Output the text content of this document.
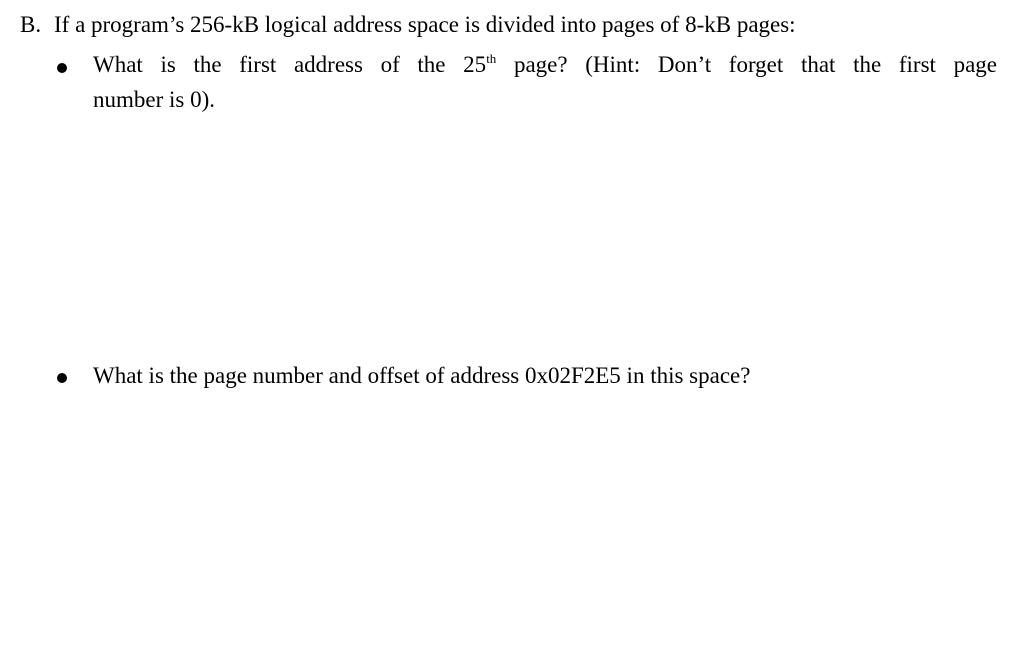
B. If a program’s 256-kB logical address space is divided into pages of 8-kB pages:
What is the first address of the 25th page? (Hint: Don’t forget that the first page
number is 0).
What is the page number and offset of address 0x02F2E5 in this space?
